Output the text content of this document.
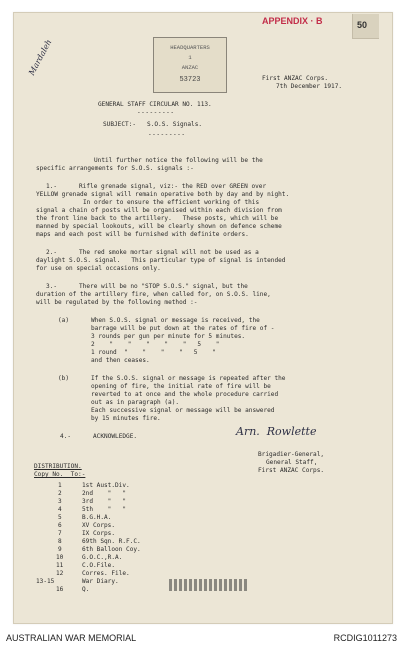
HEADQUARTERS
1
ANZAC
53723
Mardaleh
First ANZAC Corps.
7th December 1917.
GENERAL STAFF CIRCULAR NO. 113.
---------
SUBJECT:-   S.O.S. Signals.
---------
Until further notice the following will be the
specific arrangements for S.O.S. signals :-
1.-      Rifle grenade signal, viz:- the RED over GREEN over
YELLOW grenade signal will remain operative both by day and by night.
In order to ensure the efficient working of this
signal a chain of posts will be organised within each division from
the front line back to the artillery.   These posts, which will be
manned by special lookouts, will be clearly shown on defence scheme
maps and each post will be furnished with definite orders.
2.-      The red smoke mortar signal will not be used as a
daylight S.O.S. signal.   This particular type of signal is intended
for use on special occasions only.
3.-      There will be no "STOP S.O.S." signal, but the
duration of the artillery fire, when called for, on S.O.S. line,
will be regulated by the following method :-
(a)      When S.O.S. signal or message is received, the
barrage will be put down at the rates of fire of -
3 rounds per gun per minute for 5 minutes.
2    "    "    "    "    "   5    "
1 round  "    "    "    "   5    "
and then ceases.
(b)      If the S.O.S. signal or message is repeated after the
opening of fire, the initial rate of fire will be
reverted to at once and the whole procedure carried
out as in paragraph (a).
Each successive signal or message will be answered
by 15 minutes fire.
4.-      ACKNOWLEDGE.	Arn.  Rowlette
Brigadier-General,
General Staff,
First ANZAC Corps.
DISTRIBUTION.
Copy No.  To:-
1	1st Aust.Div.
2	2nd    "   "
3	3rd    "   "
4	5th    "   "
5	B.G.H.A.
6	XV Corps.
7	IX Corps.
8	69th Sqn. R.F.C.
9	6th Balloon Coy.
10	G.O.C.,R.A.
11	C.O.File.
12	Corres. File.
13-15	War Diary.
16	Q.
50
APPENDIX · B
AUSTRALIAN WAR MEMORIAL	RCDIG1011273
